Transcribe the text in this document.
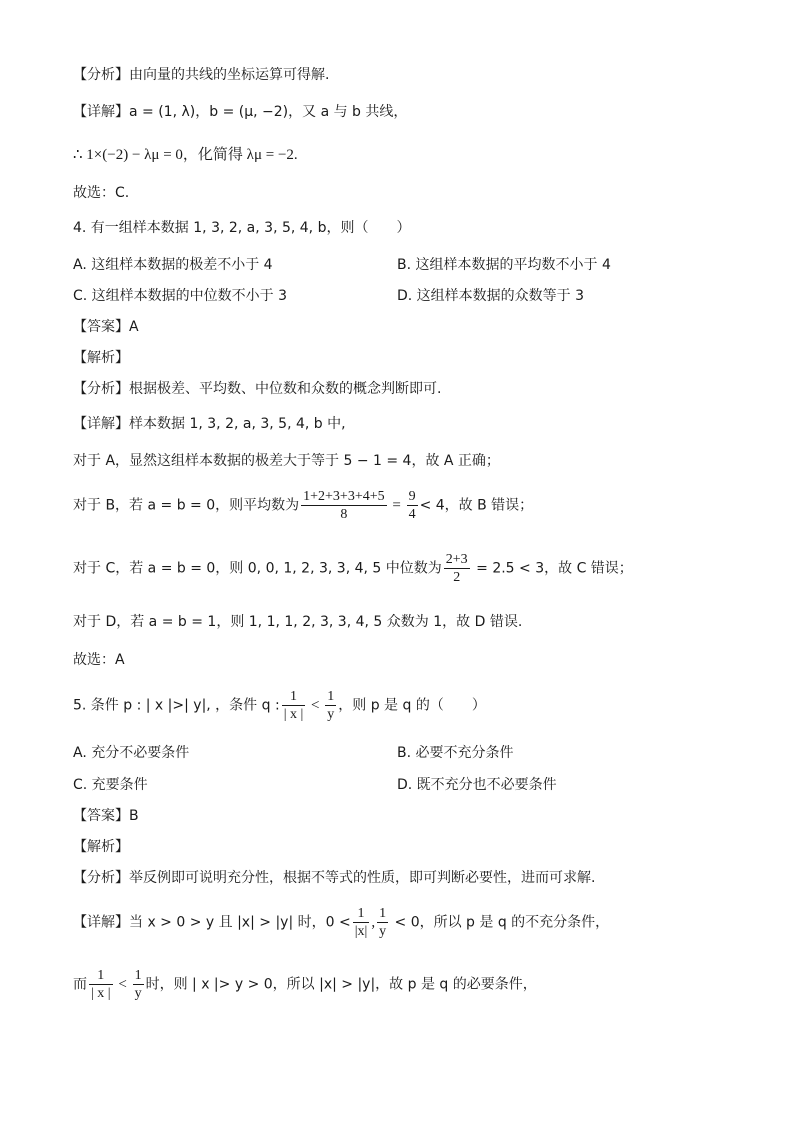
【分析】由向量的共线的坐标运算可得解.
【详解】a = (1, λ)，b = (μ, −2)，又 a 与 b 共线，
∴ 1×(−2) − λμ = 0，化简得 λμ = −2.
故选：C.
4. 有一组样本数据 1, 3, 2, a, 3, 5, 4, b，则（　　）
A. 这组样本数据的极差不小于 4	B. 这组样本数据的平均数不小于 4
C. 这组样本数据的中位数不小于 3	D. 这组样本数据的众数等于 3
【答案】A
【解析】
【分析】根据极差、平均数、中位数和众数的概念判断即可.
【详解】样本数据 1, 3, 2, a, 3, 5, 4, b 中,
对于 A，显然这组样本数据的极差大于等于 5 − 1 = 4，故 A 正确；
对于 B，若 a = b = 0，则平均数为 $\frac{1+2+3+3+4+5}{8} = \frac{9}{4} < 4$，故 B 错误；
对于 C，若 a = b = 0，则 0, 0, 1, 2, 3, 3, 4, 5 中位数为 $\frac{2+3}{2} = 2.5 < 3$，故 C 错误；
对于 D，若 a = b = 1，则 1, 1, 1, 2, 3, 3, 4, 5 众数为 1，故 D 错误.
故选：A
5. 条件 p : | x |>| y|, ，条件 q : $\frac{1}{| x |} < \frac{1}{y}$ ，则 p 是 q 的（　　）
A. 充分不必要条件	B. 必要不充分条件
C. 充要条件	D. 既不充分也不必要条件
【答案】B
【解析】
【分析】举反例即可说明充分性，根据不等式的性质，即可判断必要性，进而可求解.
【详解】当 x > 0 > y 且 |x| > |y| 时，$0 < \frac{1}{|x|}$ , $\frac{1}{y} < 0$，所以 p 是 q 的不充分条件，
而 $\frac{1}{| x |} < \frac{1}{y}$ 时，则 | x |> y > 0，所以 |x| > |y|，故 p 是 q 的必要条件，
